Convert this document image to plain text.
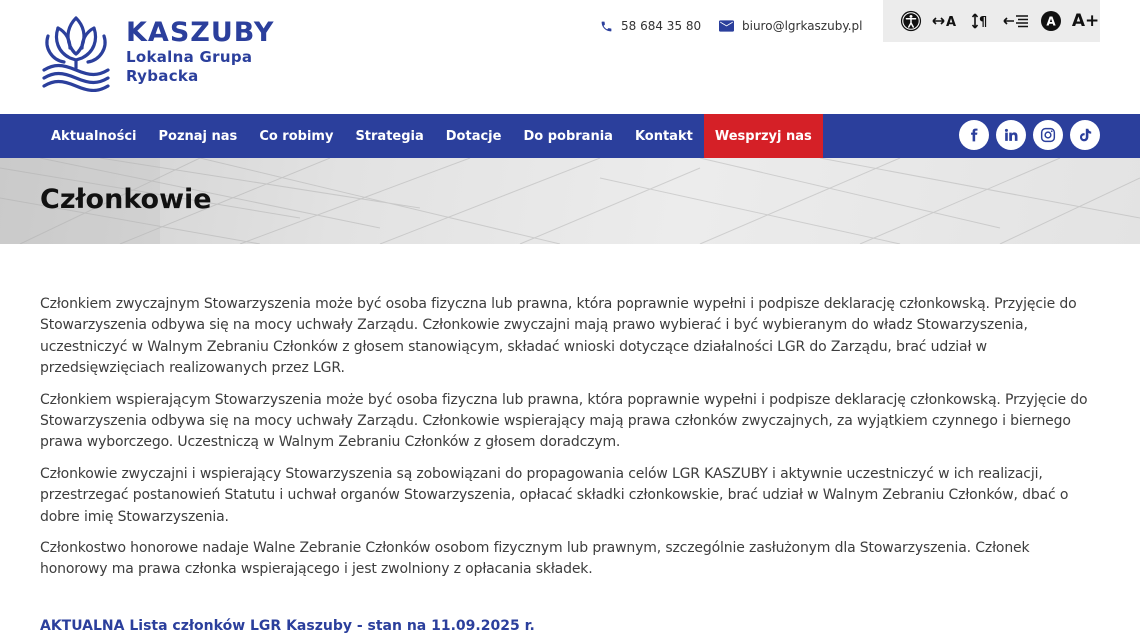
KASZUBY
Lokalna Grupa
Rybacka
58 684 35 80	biuro@lgrkaszuby.pl	A ¶	A A+
Aktualności	Poznaj nas	Co robimy	Strategia	Dotacje	Do pobrania	Kontakt	Wesprzyj nas
Członkowie

Członkiem zwyczajnym Stowarzyszenia może być osoba fizyczna lub prawna, która poprawnie wypełni i podpisze deklarację członkowską. Przyjęcie do Stowarzyszenia odbywa się na mocy uchwały Zarządu. Członkowie zwyczajni mają prawo wybierać i być wybieranym do władz Stowarzyszenia, uczestniczyć w Walnym Zebraniu Członków z głosem stanowiącym, składać wnioski dotyczące działalności LGR do Zarządu, brać udział w przedsięwzięciach realizowanych przez LGR.

Członkiem wspierającym Stowarzyszenia może być osoba fizyczna lub prawna, która poprawnie wypełni i podpisze deklarację członkowską. Przyjęcie do Stowarzyszenia odbywa się na mocy uchwały Zarządu. Członkowie wspierający mają prawa członków zwyczajnych, za wyjątkiem czynnego i biernego prawa wyborczego. Uczestniczą w Walnym Zebraniu Członków z głosem doradczym.

Członkowie zwyczajni i wspierający Stowarzyszenia są zobowiązani do propagowania celów LGR KASZUBY i aktywnie uczestniczyć w ich realizacji, przestrzegać postanowień Statutu i uchwał organów Stowarzyszenia, opłacać składki członkowskie, brać udział w Walnym Zebraniu Członków, dbać o dobre imię Stowarzyszenia.

Członkostwo honorowe nadaje Walne Zebranie Członków osobom fizycznym lub prawnym, szczególnie zasłużonym dla Stowarzyszenia. Członek honorowy ma prawa członka wspierającego i jest zwolniony z opłacania składek.

AKTUALNA Lista członków LGR Kaszuby - stan na 11.09.2025 r.
